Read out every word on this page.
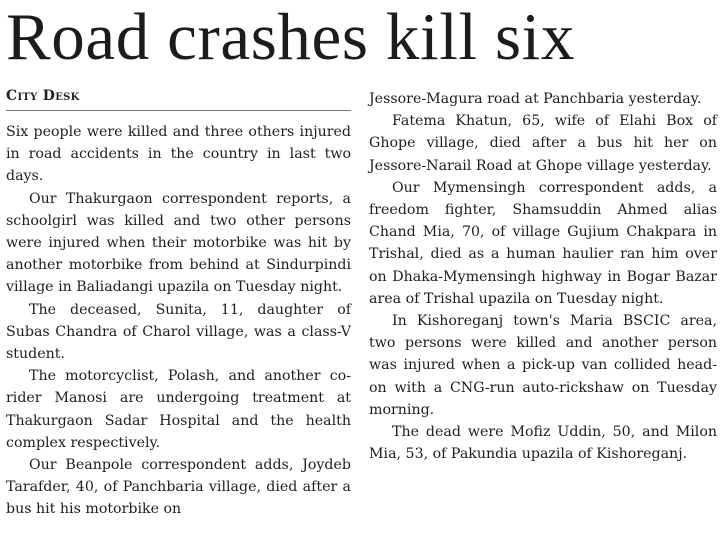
Road crashes kill six
City Desk

Six people were killed and three others injured in road accidents in the country in last two days.

Our Thakurgaon correspondent reports, a schoolgirl was killed and two other persons were injured when their motorbike was hit by another motorbike from behind at Sindurpindi village in Baliadangi upazila on Tuesday night.

The deceased, Sunita, 11, daughter of Subas Chandra of Charol village, was a class-V student.

The motorcyclist, Polash, and another co-rider Manosi are undergoing treatment at Thakurgaon Sadar Hospital and the health complex respectively.

Our Beanpole correspondent adds, Joydeb Tarafder, 40, of Panchbaria village, died after a bus hit his motorbike on

Jessore-Magura road at Panchbaria yesterday.

Fatema Khatun, 65, wife of Elahi Box of Ghope village, died after a bus hit her on Jessore-Narail Road at Ghope village yesterday.

Our Mymensingh correspondent adds, a freedom fighter, Shamsuddin Ahmed alias Chand Mia, 70, of village Gujium Chakpara in Trishal, died as a human haulier ran him over on Dhaka-Mymensingh highway in Bogar Bazar area of Trishal upazila on Tuesday night.

In Kishoreganj town's Maria BSCIC area, two persons were killed and another person was injured when a pick-up van collided head-on with a CNG-run auto-rickshaw on Tuesday morning.

The dead were Mofiz Uddin, 50, and Milon Mia, 53, of Pakundia upazila of Kishoreganj.
